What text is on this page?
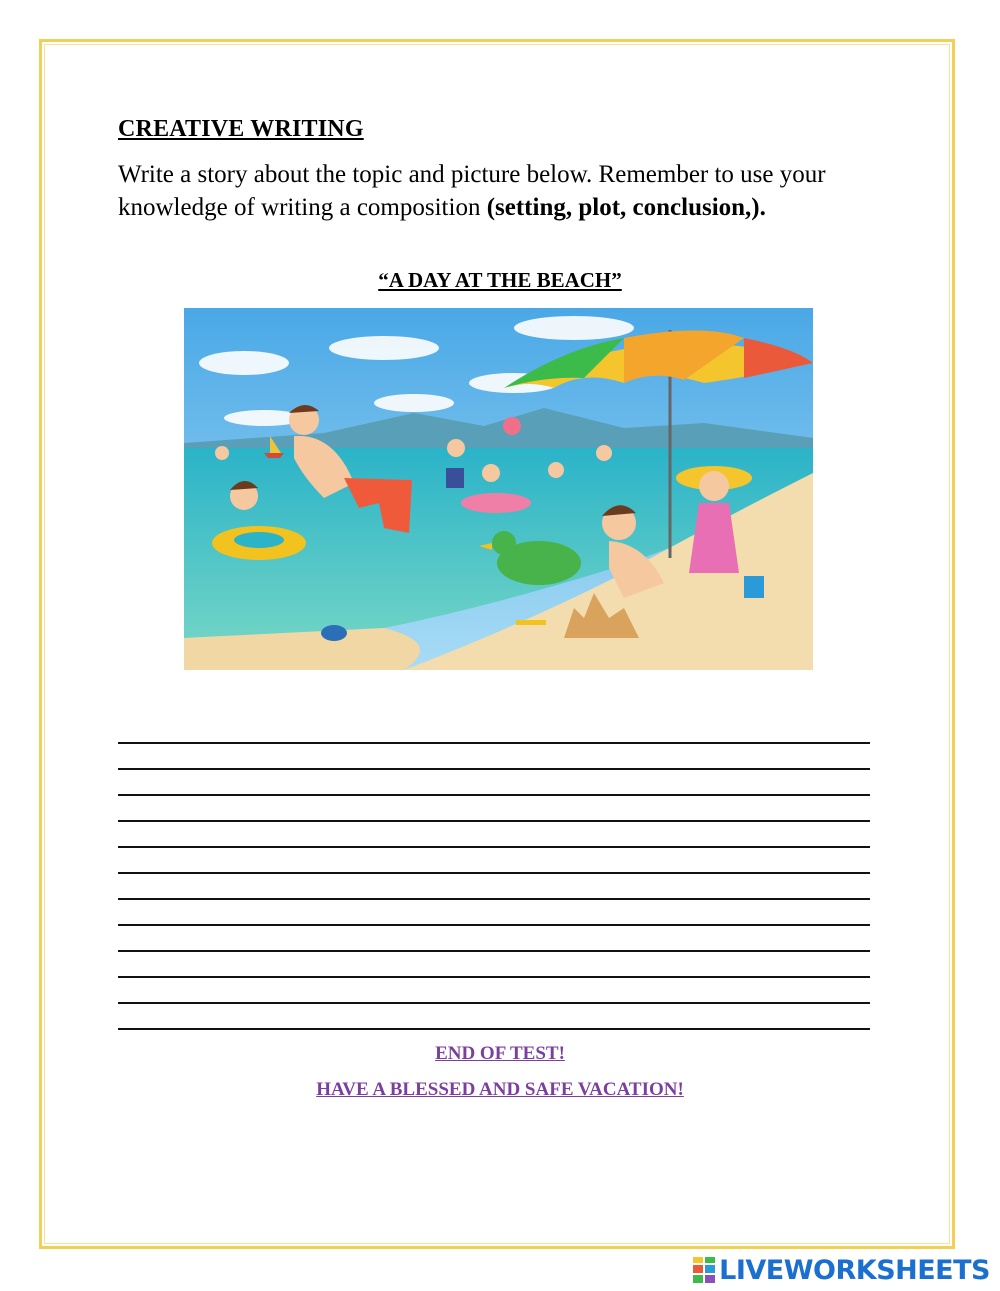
CREATIVE WRITING
Write a story about the topic and picture below. Remember to use your knowledge of writing a composition (setting, plot, conclusion,).
“A DAY AT THE BEACH”
END OF TEST!
HAVE A BLESSED AND SAFE VACATION!
LIVEWORKSHEETS
